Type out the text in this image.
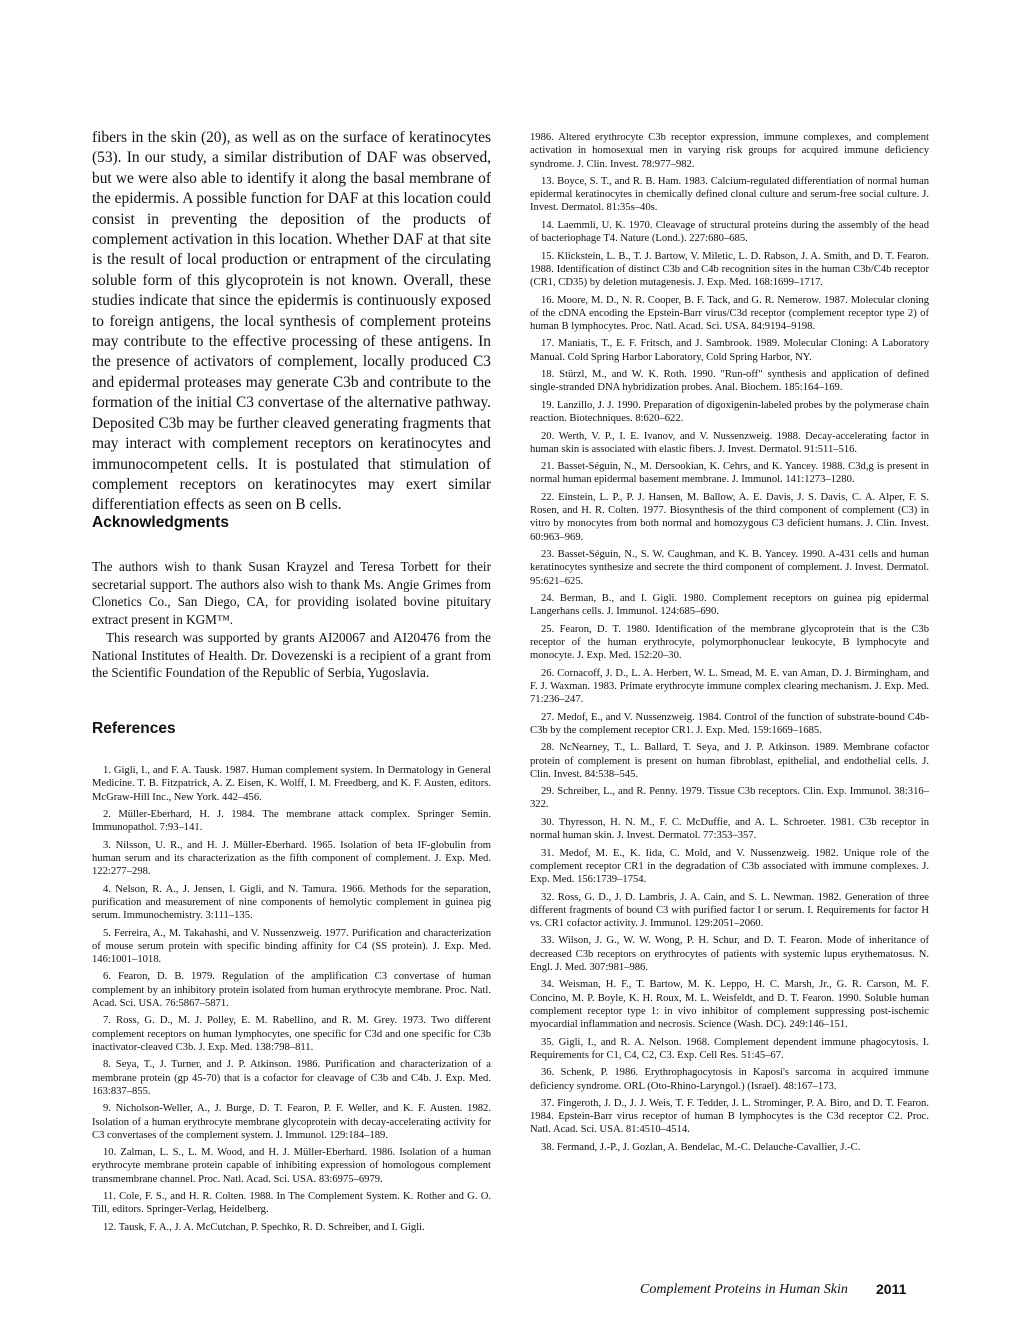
fibers in the skin (20), as well as on the surface of keratinocytes (53). In our study, a similar distribution of DAF was observed, but we were also able to identify it along the basal membrane of the epidermis. A possible function for DAF at this location could consist in preventing the deposition of the products of complement activation in this location. Whether DAF at that site is the result of local production or entrapment of the circulating soluble form of this glycoprotein is not known. Overall, these studies indicate that since the epidermis is continuously exposed to foreign antigens, the local synthesis of complement proteins may contribute to the effective processing of these antigens. In the presence of activators of complement, locally produced C3 and epidermal proteases may generate C3b and contribute to the formation of the initial C3 convertase of the alternative pathway. Deposited C3b may be further cleaved generating fragments that may interact with complement receptors on keratinocytes and immunocompetent cells. It is postulated that stimulation of complement receptors on keratinocytes may exert similar differentiation effects as seen on B cells.

Acknowledgments

The authors wish to thank Susan Krayzel and Teresa Torbett for their secretarial support. The authors also wish to thank Ms. Angie Grimes from Clonetics Co., San Diego, CA, for providing isolated bovine pituitary extract present in KGM™.

This research was supported by grants AI20067 and AI20476 from the National Institutes of Health. Dr. Dovezenski is a recipient of a grant from the Scientific Foundation of the Republic of Serbia, Yugoslavia.

References

1. Gigli, I., and F. A. Tausk. 1987. Human complement system. In Dermatology in General Medicine. T. B. Fitzpatrick, A. Z. Eisen, K. Wolff, I. M. Freedberg, and K. F. Austen, editors. McGraw-Hill Inc., New York. 442–456.

2. Müller-Eberhard, H. J. 1984. The membrane attack complex. Springer Semin. Immunopathol. 7:93–141.

3. Nilsson, U. R., and H. J. Müller-Eberhard. 1965. Isolation of beta IF-globulin from human serum and its characterization as the fifth component of complement. J. Exp. Med. 122:277–298.

4. Nelson, R. A., J. Jensen, I. Gigli, and N. Tamura. 1966. Methods for the separation, purification and measurement of nine components of hemolytic complement in guinea pig serum. Immunochemistry. 3:111–135.

5. Ferreira, A., M. Takahashi, and V. Nussenzweig. 1977. Purification and characterization of mouse serum protein with specific binding affinity for C4 (SS protein). J. Exp. Med. 146:1001–1018.

6. Fearon, D. B. 1979. Regulation of the amplification C3 convertase of human complement by an inhibitory protein isolated from human erythrocyte membrane. Proc. Natl. Acad. Sci. USA. 76:5867–5871.

7. Ross, G. D., M. J. Polley, E. M. Rabellino, and R. M. Grey. 1973. Two different complement receptors on human lymphocytes, one specific for C3d and one specific for C3b inactivator-cleaved C3b. J. Exp. Med. 138:798–811.

8. Seya, T., J. Turner, and J. P. Atkinson. 1986. Purification and characterization of a membrane protein (gp 45-70) that is a cofactor for cleavage of C3b and C4b. J. Exp. Med. 163:837–855.

9. Nicholson-Weller, A., J. Burge, D. T. Fearon, P. F. Weller, and K. F. Austen. 1982. Isolation of a human erythrocyte membrane glycoprotein with decay-accelerating activity for C3 convertases of the complement system. J. Immunol. 129:184–189.

10. Zalman, L. S., L. M. Wood, and H. J. Müller-Eberhard. 1986. Isolation of a human erythrocyte membrane protein capable of inhibiting expression of homologous complement transmembrane channel. Proc. Natl. Acad. Sci. USA. 83:6975–6979.

11. Cole, F. S., and H. R. Colten. 1988. In The Complement System. K. Rother and G. O. Till, editors. Springer-Verlag, Heidelberg.

12. Tausk, F. A., J. A. McCutchan, P. Spechko, R. D. Schreiber, and I. Gigli.

1986. Altered erythrocyte C3b receptor expression, immune complexes, and complement activation in homosexual men in varying risk groups for acquired immune deficiency syndrome. J. Clin. Invest. 78:977–982.

13. Boyce, S. T., and R. B. Ham. 1983. Calcium-regulated differentiation of normal human epidermal keratinocytes in chemically defined clonal culture and serum-free social culture. J. Invest. Dermatol. 81:35s–40s.

14. Laemmli, U. K. 1970. Cleavage of structural proteins during the assembly of the head of bacteriophage T4. Nature (Lond.). 227:680–685.

15. Klickstein, L. B., T. J. Bartow, V. Miletic, L. D. Rabson, J. A. Smith, and D. T. Fearon. 1988. Identification of distinct C3b and C4b recognition sites in the human C3b/C4b receptor (CR1, CD35) by deletion mutagenesis. J. Exp. Med. 168:1699–1717.

16. Moore, M. D., N. R. Cooper, B. F. Tack, and G. R. Nemerow. 1987. Molecular cloning of the cDNA encoding the Epstein-Barr virus/C3d receptor (complement receptor type 2) of human B lymphocytes. Proc. Natl. Acad. Sci. USA. 84:9194–9198.

17. Maniatis, T., E. F. Fritsch, and J. Sambrook. 1989. Molecular Cloning: A Laboratory Manual. Cold Spring Harbor Laboratory, Cold Spring Harbor, NY.

18. Stürzl, M., and W. K. Roth. 1990. "Run-off" synthesis and application of defined single-stranded DNA hybridization probes. Anal. Biochem. 185:164–169.

19. Lanzillo, J. J. 1990. Preparation of digoxigenin-labeled probes by the polymerase chain reaction. Biotechniques. 8:620–622.

20. Werth, V. P., I. E. Ivanov, and V. Nussenzweig. 1988. Decay-accelerating factor in human skin is associated with elastic fibers. J. Invest. Dermatol. 91:511–516.

21. Basset-Séguin, N., M. Dersookian, K. Cehrs, and K. Yancey. 1988. C3d,g is present in normal human epidermal basement membrane. J. Immunol. 141:1273–1280.

22. Einstein, L. P., P. J. Hansen, M. Ballow, A. E. Davis, J. S. Davis, C. A. Alper, F. S. Rosen, and H. R. Colten. 1977. Biosynthesis of the third component of complement (C3) in vitro by monocytes from both normal and homozygous C3 deficient humans. J. Clin. Invest. 60:963–969.

23. Basset-Séguin, N., S. W. Caughman, and K. B. Yancey. 1990. A-431 cells and human keratinocytes synthesize and secrete the third component of complement. J. Invest. Dermatol. 95:621–625.

24. Berman, B., and I. Gigli. 1980. Complement receptors on guinea pig epidermal Langerhans cells. J. Immunol. 124:685–690.

25. Fearon, D. T. 1980. Identification of the membrane glycoprotein that is the C3b receptor of the human erythrocyte, polymorphonuclear leukocyte, B lymphocyte and monocyte. J. Exp. Med. 152:20–30.

26. Cornacoff, J. D., L. A. Herbert, W. L. Smead, M. E. van Aman, D. J. Birmingham, and F. J. Waxman. 1983. Primate erythrocyte immune complex clearing mechanism. J. Exp. Med. 71:236–247.

27. Medof, E., and V. Nussenzweig. 1984. Control of the function of substrate-bound C4b-C3b by the complement receptor CR1. J. Exp. Med. 159:1669–1685.

28. NcNearney, T., L. Ballard, T. Seya, and J. P. Atkinson. 1989. Membrane cofactor protein of complement is present on human fibroblast, epithelial, and endothelial cells. J. Clin. Invest. 84:538–545.

29. Schreiber, L., and R. Penny. 1979. Tissue C3b receptors. Clin. Exp. Immunol. 38:316–322.

30. Thyresson, H. N. M., F. C. McDuffie, and A. L. Schroeter. 1981. C3b receptor in normal human skin. J. Invest. Dermatol. 77:353–357.

31. Medof, M. E., K. Iida, C. Mold, and V. Nussenzweig. 1982. Unique role of the complement receptor CR1 in the degradation of C3b associated with immune complexes. J. Exp. Med. 156:1739–1754.

32. Ross, G. D., J. D. Lambris, J. A. Cain, and S. L. Newman. 1982. Generation of three different fragments of bound C3 with purified factor I or serum. I. Requirements for factor H vs. CR1 cofactor activity. J. Immunol. 129:2051–2060.

33. Wilson, J. G., W. W. Wong, P. H. Schur, and D. T. Fearon. Mode of inheritance of decreased C3b receptors on erythrocytes of patients with systemic lupus erythematosus. N. Engl. J. Med. 307:981–986.

34. Weisman, H. F., T. Bartow, M. K. Leppo, H. C. Marsh, Jr., G. R. Carson, M. F. Concino, M. P. Boyle, K. H. Roux, M. L. Weisfeldt, and D. T. Fearon. 1990. Soluble human complement receptor type 1: in vivo inhibitor of complement suppressing post-ischemic myocardial inflammation and necrosis. Science (Wash. DC). 249:146–151.

35. Gigli, I., and R. A. Nelson. 1968. Complement dependent immune phagocytosis. I. Requirements for C1, C4, C2, C3. Exp. Cell Res. 51:45–67.

36. Schenk, P. 1986. Erythrophagocytosis in Kaposi's sarcoma in acquired immune deficiency syndrome. ORL (Oto-Rhino-Laryngol.) (Israel). 48:167–173.

37. Fingeroth, J. D., J. J. Weis, T. F. Tedder, J. L. Strominger, P. A. Biro, and D. T. Fearon. 1984. Epstein-Barr virus receptor of human B lymphocytes is the C3d receptor C2. Proc. Natl. Acad. Sci. USA. 81:4510–4514.

38. Fermand, J.-P., J. Gozlan, A. Bendelac, M.-C. Delauche-Cavallier, J.-C.

Complement Proteins in Human Skin 2011
